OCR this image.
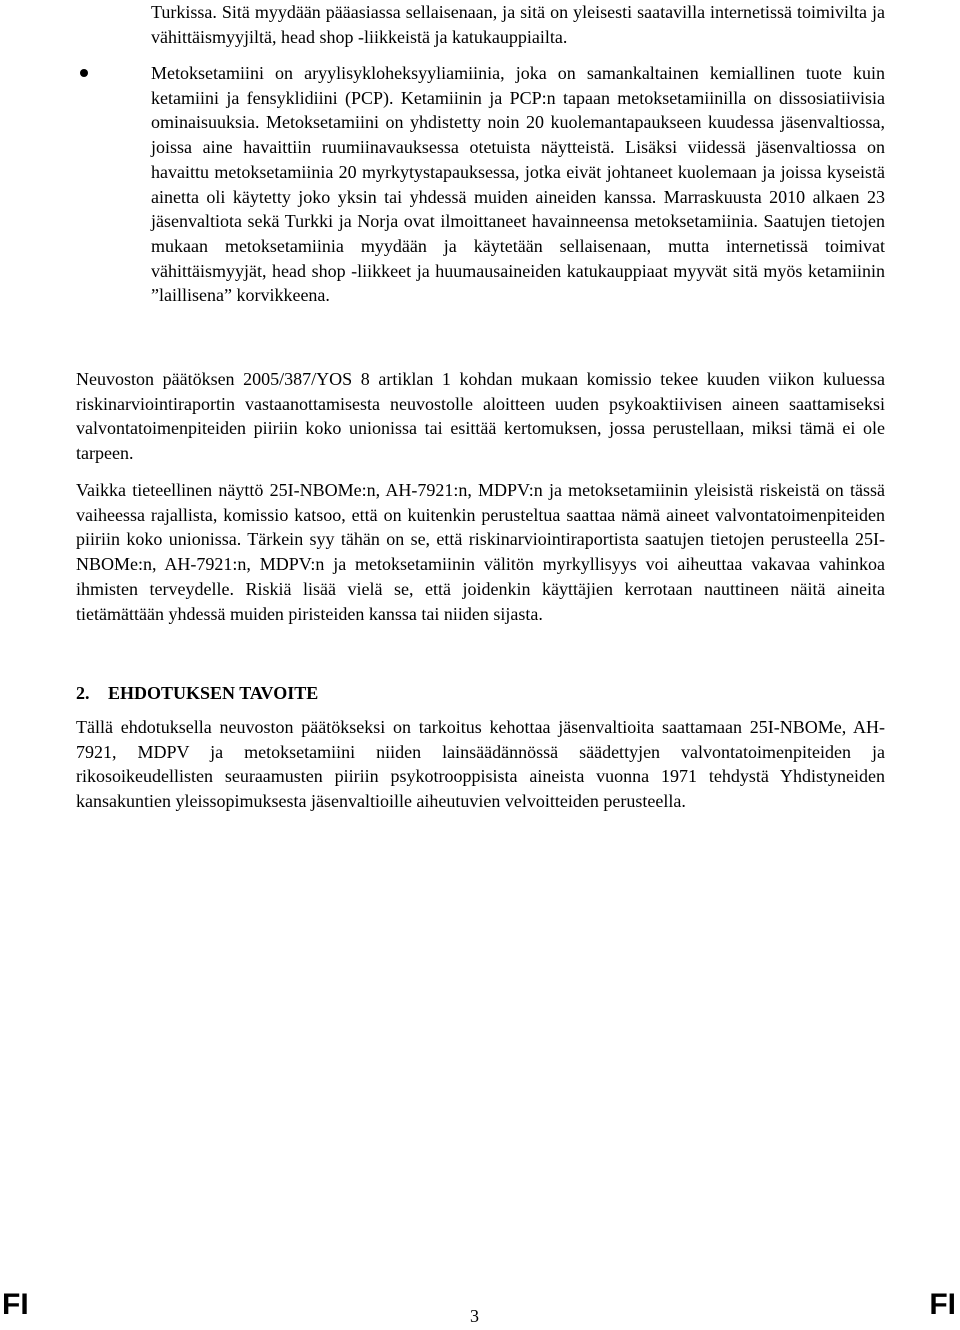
Turkissa. Sitä myydään pääasiassa sellaisenaan, ja sitä on yleisesti saatavilla internetissä toimivilta ja vähittäismyyjiltä, head shop -liikkeistä ja katukauppiailta.

Metoksetamiini on aryylisykloheksyyliamiinia, joka on samankaltainen kemiallinen tuote kuin ketamiini ja fensyklidiini (PCP). Ketamiinin ja PCP:n tapaan metoksetamiinilla on dissosiatiivisia ominaisuuksia. Metoksetamiini on yhdistetty noin 20 kuolemantapaukseen kuudessa jäsenvaltiossa, joissa aine havaittiin ruumiinavauksessa otetuista näytteistä. Lisäksi viidessä jäsenvaltiossa on havaittu metoksetamiinia 20 myrkytystapauksessa, jotka eivät johtaneet kuolemaan ja joissa kyseistä ainetta oli käytetty joko yksin tai yhdessä muiden aineiden kanssa. Marraskuusta 2010 alkaen 23 jäsenvaltiota sekä Turkki ja Norja ovat ilmoittaneet havainneensa metoksetamiinia. Saatujen tietojen mukaan metoksetamiinia myydään ja käytetään sellaisenaan, mutta internetissä toimivat vähittäismyyjät, head shop -liikkeet ja huumausaineiden katukauppiaat myyvät sitä myös ketamiinin ”laillisena” korvikkeena.

Neuvoston päätöksen 2005/387/YOS 8 artiklan 1 kohdan mukaan komissio tekee kuuden viikon kuluessa riskinarviointiraportin vastaanottamisesta neuvostolle aloitteen uuden psykoaktiivisen aineen saattamiseksi valvontatoimenpiteiden piiriin koko unionissa tai esittää kertomuksen, jossa perustellaan, miksi tämä ei ole tarpeen.

Vaikka tieteellinen näyttö 25I-NBOMe:n, AH-7921:n, MDPV:n ja metoksetamiinin yleisistä riskeistä on tässä vaiheessa rajallista, komissio katsoo, että on kuitenkin perusteltua saattaa nämä aineet valvontatoimenpiteiden piiriin koko unionissa. Tärkein syy tähän on se, että riskinarviointiraportista saatujen tietojen perusteella 25I-NBOMe:n, AH-7921:n, MDPV:n ja metoksetamiinin välitön myrkyllisyys voi aiheuttaa vakavaa vahinkoa ihmisten terveydelle. Riskiä lisää vielä se, että joidenkin käyttäjien kerrotaan nauttineen näitä aineita tietämättään yhdessä muiden piristeiden kanssa tai niiden sijasta.

2. EHDOTUKSEN TAVOITE

Tällä ehdotuksella neuvoston päätökseksi on tarkoitus kehottaa jäsenvaltioita saattamaan 25I-NBOMe, AH-7921, MDPV ja metoksetamiini niiden lainsäädännössä säädettyjen valvontatoimenpiteiden ja rikosoikeudellisten seuraamusten piiriin psykotrooppisista aineista vuonna 1971 tehdystä Yhdistyneiden kansakuntien yleissopimuksesta jäsenvaltioille aiheutuvien velvoitteiden perusteella.

FI	3	FI
